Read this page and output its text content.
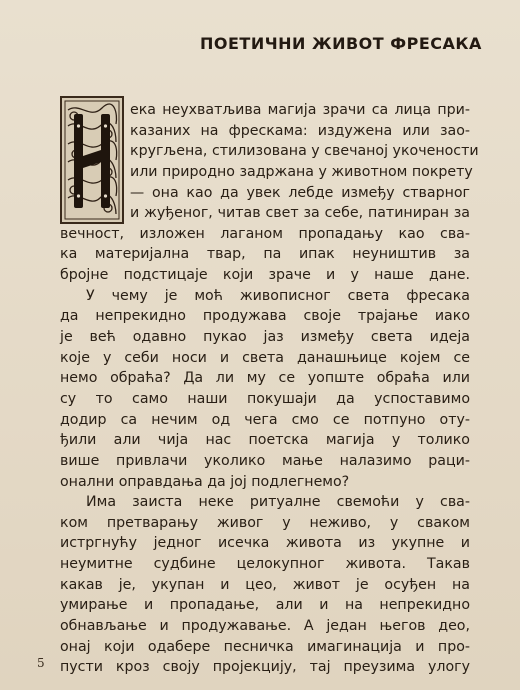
ПОЕТИЧНИ ЖИВОТ ФРЕСАКА
ека неухватљива магија зрачи са лица при-
казаних на фрескама: издужена или зао-
кругљена, стилизована у свечаној укочености
или природно задржана у животном покрету
— она као да увек лебде између стварног
и жуђеног, читав свет за себе, патиниран за
вечност, изложен лаганом пропадању као сва-
ка материјална твар, па ипак неуништив за
бројне подстицаје који зраче и у наше дане.
У чему је моћ живописног света фресака
да непрекидно продужава своје трајање иако
је већ одавно пукао јаз између света идеја
које у себи носи и света данашњице којем се
немо обраћа? Да ли му се уопште обраћа или
су то само наши покушаји да успоставимо
додир са нечим од чега смо се потпуно оту-
ђили али чија нас поетска магија у толико
више привлачи уколико мање налазимо раци-
онални оправдања да јој подлегнемо?
Има заиста неке ритуалне свемоћи у сва-
ком претварању живог у неживо, у сваком
истргнућу једног исечка живота из укупне и
неумитне судбине целокупног живота. Такав
какав је, укупан и цео, живот је осуђен на
умирање и пропадање, али и на непрекидно
обнављање и продужавање. А један његов део,
онај који одабере песничка имагинација и про-
пусти кроз своју пројекцију, тај преузима улогу
5
